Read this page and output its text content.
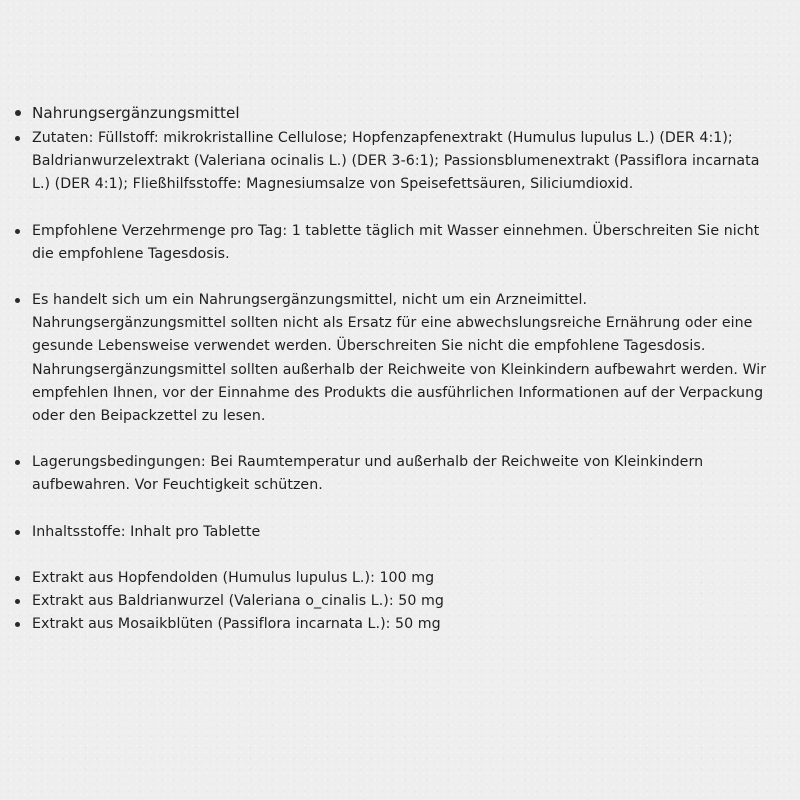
Nahrungsergänzungsmittel
Zutaten: Füllstoff: mikrokristalline Cellulose; Hopfenzapfenextrakt (Humulus lupulus L.) (DER 4:1); Baldrianwurzelextrakt (Valeriana ocinalis L.) (DER 3-6:1); Passionsblumenextrakt (Passiflora incarnata L.) (DER 4:1); Fließhilfsstoffe: Magnesiumsalze von Speisefettsäuren, Siliciumdioxid.
Empfohlene Verzehrmenge pro Tag: 1 tablette täglich mit Wasser einnehmen. Überschreiten Sie nicht die empfohlene Tagesdosis.
Es handelt sich um ein Nahrungsergänzungsmittel, nicht um ein Arzneimittel. Nahrungsergänzungsmittel sollten nicht als Ersatz für eine abwechslungsreiche Ernährung oder eine gesunde Lebensweise verwendet werden. Überschreiten Sie nicht die empfohlene Tagesdosis. Nahrungsergänzungsmittel sollten außerhalb der Reichweite von Kleinkindern aufbewahrt werden. Wir empfehlen Ihnen, vor der Einnahme des Produkts die ausführlichen Informationen auf der Verpackung oder den Beipackzettel zu lesen.
Lagerungsbedingungen: Bei Raumtemperatur und außerhalb der Reichweite von Kleinkindern aufbewahren. Vor Feuchtigkeit schützen.
Inhaltsstoffe: Inhalt pro Tablette
Extrakt aus Hopfendolden (Humulus lupulus L.): 100 mg
Extrakt aus Baldrianwurzel (Valeriana o_cinalis L.): 50 mg
Extrakt aus Mosaikblüten (Passiflora incarnata L.): 50 mg
